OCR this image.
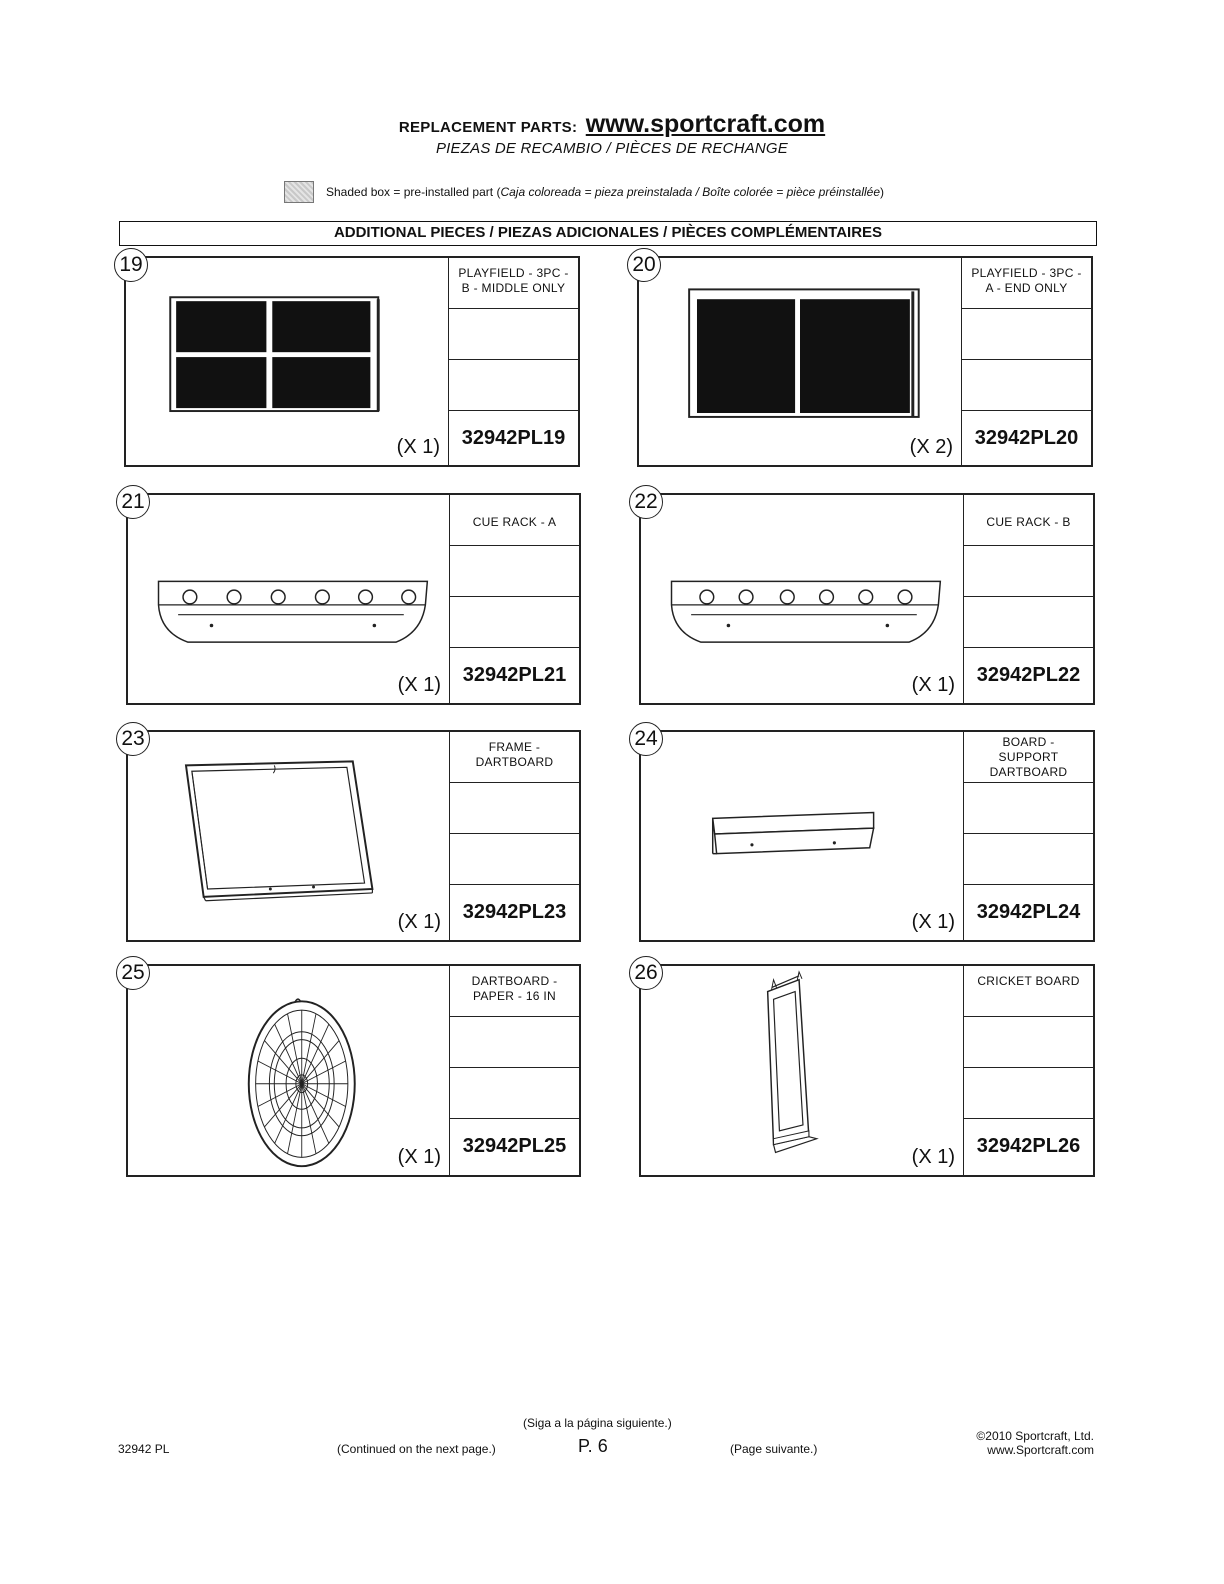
REPLACEMENT PARTS: www.sportcraft.com
PIEZAS DE RECAMBIO / PIÈCES DE RECHANGE
Shaded box = pre-installed part (Caja coloreada = pieza preinstalada / Boîte colorée = pièce préinstallée)
ADDITIONAL PIECES / PIEZAS ADICIONALES / PIÈCES COMPLÉMENTAIRES
19
(X 1)
PLAYFIELD - 3PC -
B - MIDDLE ONLY
32942PL19
20
(X 2)
PLAYFIELD - 3PC -
A - END ONLY
32942PL20
21
(X 1)
CUE RACK - A
32942PL21
22
(X 1)
CUE RACK - B
32942PL22
23
(X 1)
FRAME -
DARTBOARD
32942PL23
24
(X 1)
BOARD -
SUPPORT
DARTBOARD
32942PL24
25
(X 1)
DARTBOARD -
PAPER - 16 IN
32942PL25
26
(X 1)
CRICKET BOARD
32942PL26
32942 PL	(Continued on the next page.)
(Siga a la página siguiente.)
P. 6	(Page suivante.)
©2010 Sportcraft, Ltd.
www.Sportcraft.com
